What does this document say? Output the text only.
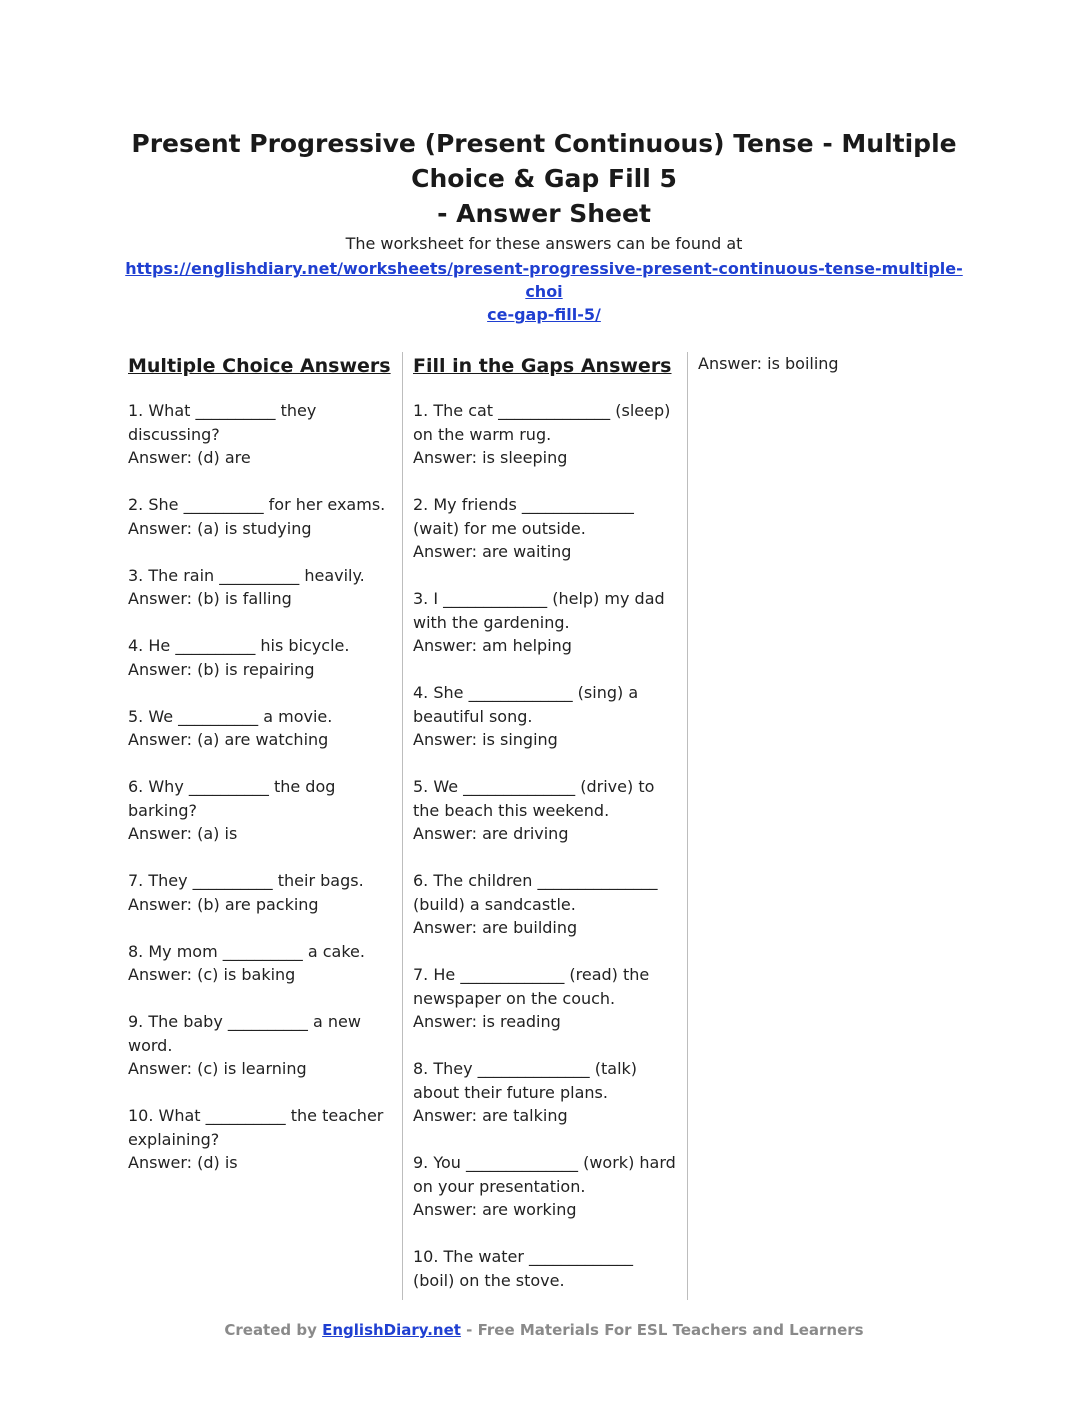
Present Progressive (Present Continuous) Tense - Multiple
Choice & Gap Fill 5
- Answer Sheet
The worksheet for these answers can be found at
https://englishdiary.net/worksheets/present-progressive-present-continuous-tense-multiple-choi
ce-gap-fill-5/
Multiple Choice Answers

1. What __________ they discussing?

Answer: (d) are

2. She __________ for her exams.

Answer: (a) is studying

3. The rain __________ heavily.

Answer: (b) is falling

4. He __________ his bicycle.

Answer: (b) is repairing

5. We __________ a movie.

Answer: (a) are watching

6. Why __________ the dog barking?

Answer: (a) is

7. They __________ their bags.

Answer: (b) are packing

8. My mom __________ a cake.

Answer: (c) is baking

9. The baby __________ a new word.

Answer: (c) is learning

10. What __________ the teacher explaining?

Answer: (d) is

Fill in the Gaps Answers

1. The cat ______________ (sleep) on the warm rug.

Answer: is sleeping

2. My friends ______________ (wait) for me outside.

Answer: are waiting

3. I _____________ (help) my dad with the gardening.

Answer: am helping

4. She _____________ (sing) a beautiful song.

Answer: is singing

5. We ______________ (drive) to the beach this weekend.

Answer: are driving

6. The children _______________ (build) a sandcastle.

Answer: are building

7. He _____________ (read) the newspaper on the couch.

Answer: is reading

8. They ______________ (talk) about their future plans.

Answer: are talking

9. You ______________ (work) hard on your presentation.

Answer: are working

10. The water _____________ (boil) on the stove.

Answer: is boiling

Created by EnglishDiary.net - Free Materials For ESL Teachers and Learners
